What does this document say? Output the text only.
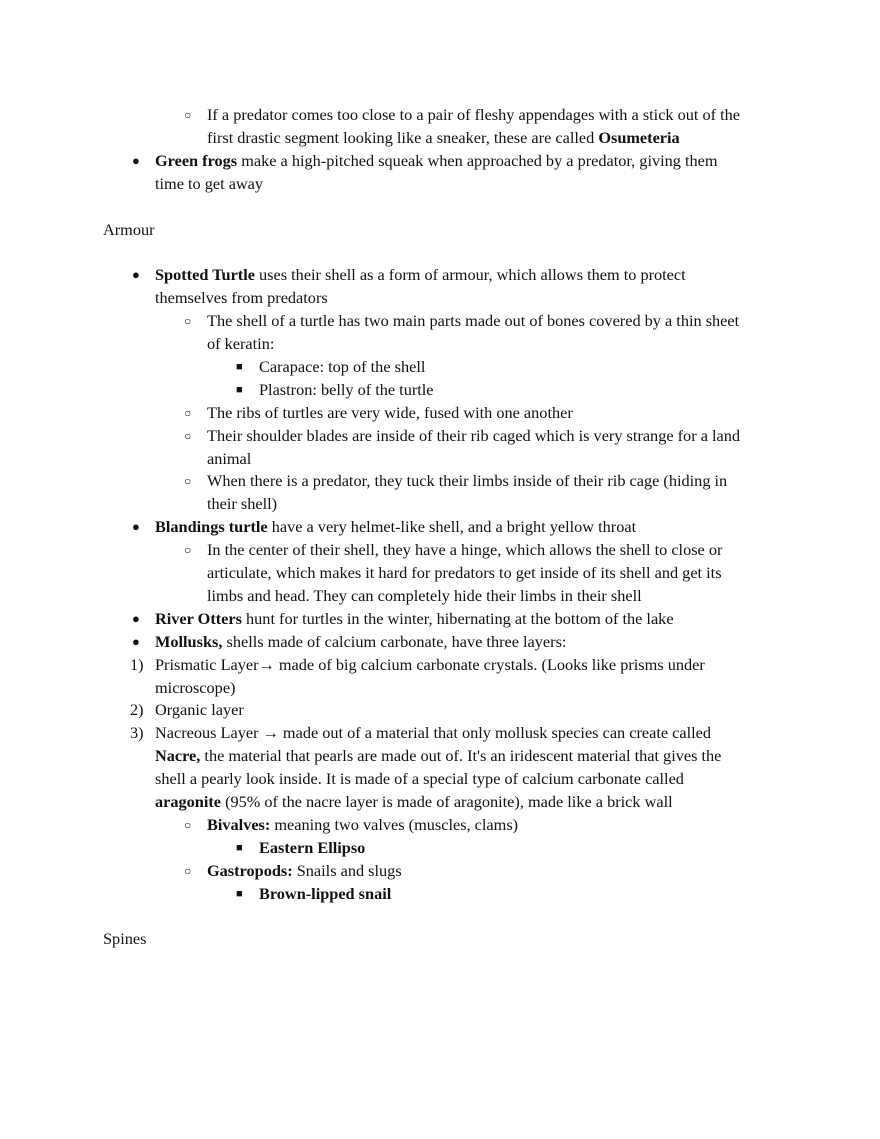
○ If a predator comes too close to a pair of fleshy appendages with a stick out of the
first drastic segment looking like a sneaker, these are called Osumeteria
● Green frogs make a high-pitched squeak when approached by a predator, giving them
time to get away
Armour
● Spotted Turtle uses their shell as a form of armour, which allows them to protect
themselves from predators
○ The shell of a turtle has two main parts made out of bones covered by a thin sheet
of keratin:
■ Carapace: top of the shell
■ Plastron: belly of the turtle
○ The ribs of turtles are very wide, fused with one another
○ Their shoulder blades are inside of their rib caged which is very strange for a land
animal
○ When there is a predator, they tuck their limbs inside of their rib cage (hiding in
their shell)
● Blandings turtle have a very helmet-like shell, and a bright yellow throat
○ In the center of their shell, they have a hinge, which allows the shell to close or
articulate, which makes it hard for predators to get inside of its shell and get its
limbs and head. They can completely hide their limbs in their shell
● River Otters hunt for turtles in the winter, hibernating at the bottom of the lake
● Mollusks, shells made of calcium carbonate, have three layers:
1) Prismatic Layer→ made of big calcium carbonate crystals. (Looks like prisms under
microscope)
2) Organic layer
3) Nacreous Layer → made out of a material that only mollusk species can create called
Nacre, the material that pearls are made out of. It's an iridescent material that gives the
shell a pearly look inside. It is made of a special type of calcium carbonate called
aragonite (95% of the nacre layer is made of aragonite), made like a brick wall
○ Bivalves: meaning two valves (muscles, clams)
■ Eastern Ellipso
○ Gastropods: Snails and slugs
■ Brown-lipped snail
Spines
